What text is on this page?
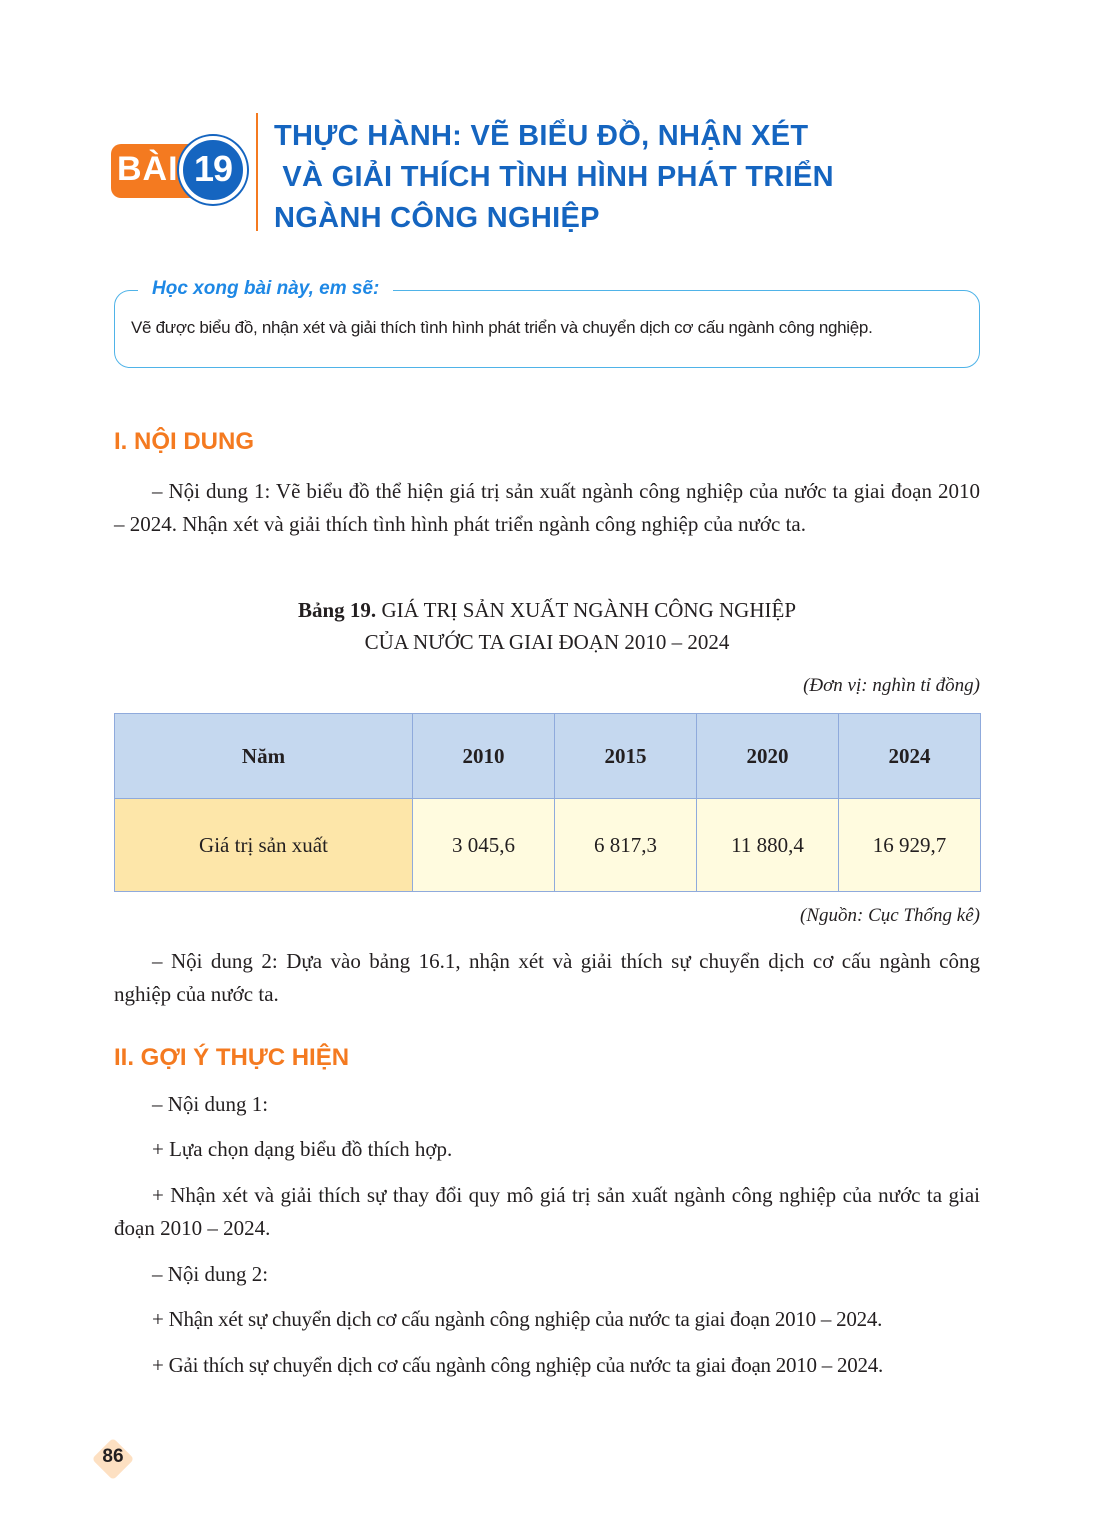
BÀI 19
THỰC HÀNH: VẼ BIỂU ĐỒ, NHẬN XÉT
VÀ GIẢI THÍCH TÌNH HÌNH PHÁT TRIỂN
NGÀNH CÔNG NGHIỆP
Học xong bài này, em sẽ:
Vẽ được biểu đồ, nhận xét và giải thích tình hình phát triển và chuyển dịch cơ cấu ngành công nghiệp.
I. NỘI DUNG
– Nội dung 1: Vẽ biểu đồ thể hiện giá trị sản xuất ngành công nghiệp của nước ta giai đoạn 2010 – 2024. Nhận xét và giải thích tình hình phát triển ngành công nghiệp của nước ta.
Bảng 19. GIÁ TRỊ SẢN XUẤT NGÀNH CÔNG NGHIỆP
CỦA NƯỚC TA GIAI ĐOẠN 2010 – 2024
(Đơn vị: nghìn tỉ đồng)
Năm	2010	2015	2020	2024
Giá trị sản xuất	3 045,6	6 817,3	11 880,4	16 929,7
(Nguồn: Cục Thống kê)
– Nội dung 2: Dựa vào bảng 16.1, nhận xét và giải thích sự chuyển dịch cơ cấu ngành công nghiệp của nước ta.
II. GỢI Ý THỰC HIỆN
– Nội dung 1:
+ Lựa chọn dạng biểu đồ thích hợp.
+ Nhận xét và giải thích sự thay đổi quy mô giá trị sản xuất ngành công nghiệp của nước ta giai đoạn 2010 – 2024.
– Nội dung 2:
+ Nhận xét sự chuyển dịch cơ cấu ngành công nghiệp của nước ta giai đoạn 2010 – 2024.
+ Gải thích sự chuyển dịch cơ cấu ngành công nghiệp của nước ta giai đoạn 2010 – 2024.
86
